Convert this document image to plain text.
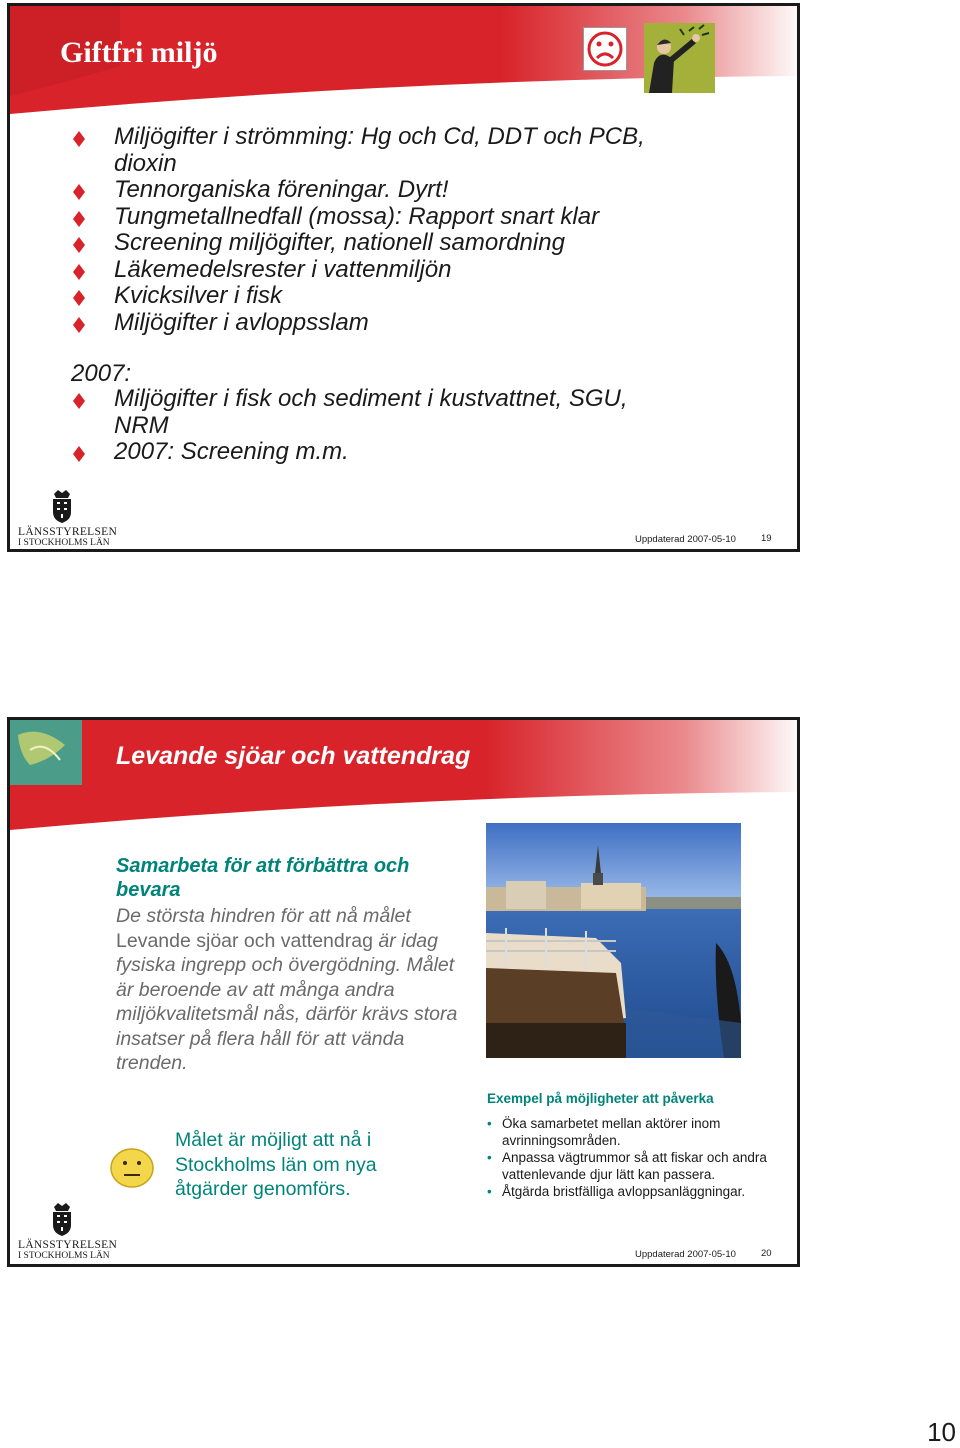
Giftfri miljö
Miljögifter i strömming: Hg och Cd, DDT och PCB, dioxin
Tennorganiska föreningar. Dyrt!
Tungmetallnedfall (mossa): Rapport snart klar
Screening miljögifter, nationell samordning
Läkemedelsrester i vattenmiljön
Kvicksilver i fisk
Miljögifter i avloppsslam
2007:
Miljögifter i fisk och sediment i kustvattnet, SGU, NRM
2007: Screening m.m.
LÄNSSTYRELSEN
I STOCKHOLMS LÄN	Uppdaterad 2007-05-10	19
Levande sjöar och vattendrag
Samarbeta för att förbättra och bevara
De största hindren för att nå målet Levande sjöar och vattendrag är idag fysiska ingrepp och övergödning. Målet är beroende av att många andra miljökvalitetsmål nås, därför krävs stora insatser på flera håll för att vända trenden.
Exempel på möjligheter att påverka
• Öka samarbetet mellan aktörer inom avrinningsområden.
• Anpassa vägtrummor så att fiskar och andra vattenlevande djur lätt kan passera.
• Åtgärda bristfälliga avloppsanläggningar.
Målet är möjligt att nå i Stockholms län om nya åtgärder genomförs.
LÄNSSTYRELSEN
I STOCKHOLMS LÄN	Uppdaterad 2007-05-10	20
10
